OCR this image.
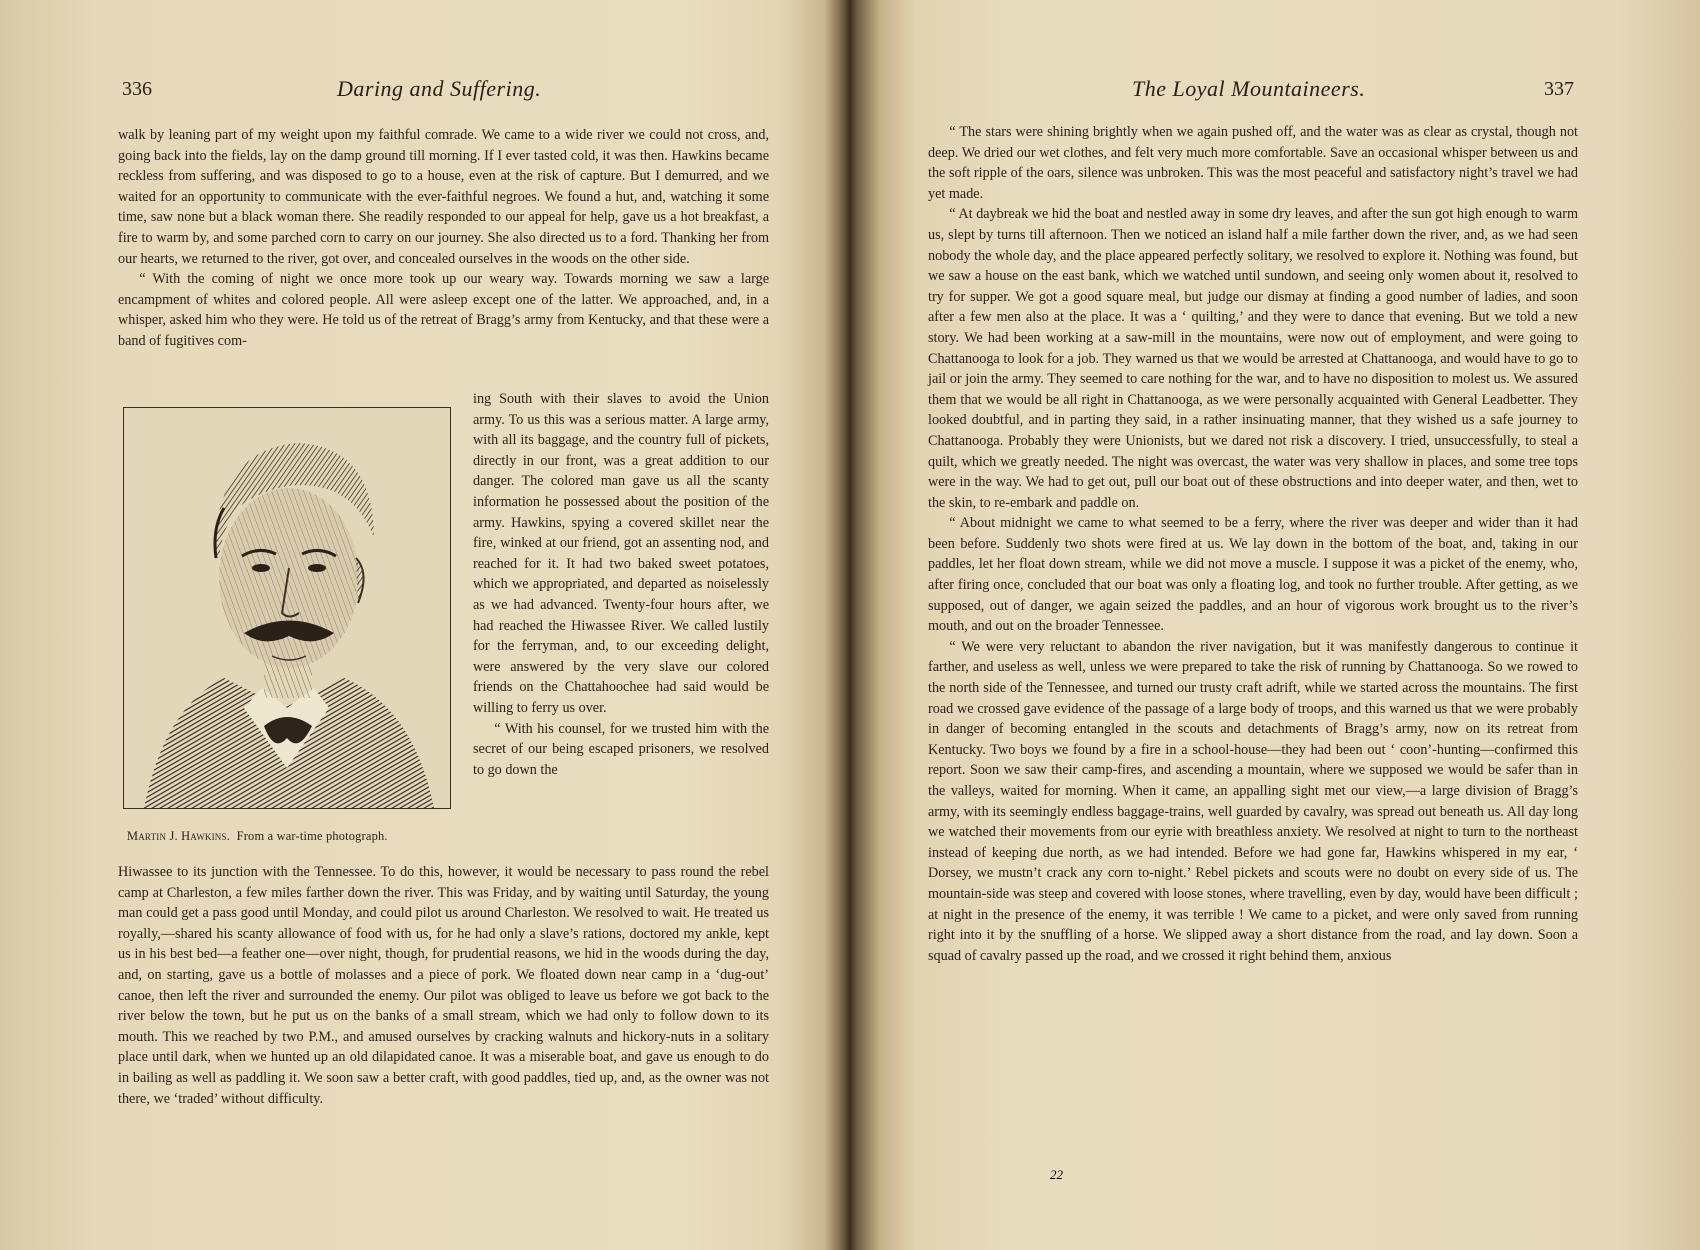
336	Daring and Suffering.

walk by leaning part of my weight upon my faithful comrade. We came to a wide river we could not cross, and, going back into the fields, lay on the damp ground till morning. If I ever tasted cold, it was then. Hawkins became reckless from suffering, and was disposed to go to a house, even at the risk of capture. But I demurred, and we waited for an opportunity to communicate with the ever-faithful negroes. We found a hut, and, watching it some time, saw none but a black woman there. She readily responded to our appeal for help, gave us a hot breakfast, a fire to warm by, and some parched corn to carry on our journey. She also directed us to a ford. Thanking her from our hearts, we returned to the river, got over, and concealed ourselves in the woods on the other side.

“ With the coming of night we once more took up our weary way. Towards morning we saw a large encampment of whites and colored people. All were asleep except one of the latter. We approached, and, in a whisper, asked him who they were. He told us of the retreat of Bragg’s army from Kentucky, and that these were a band of fugitives com-

Martin J. Hawkins. From a war-time photograph.

ing South with their slaves to avoid the Union army. To us this was a serious matter. A large army, with all its baggage, and the country full of pickets, directly in our front, was a great addition to our danger. The colored man gave us all the scanty information he possessed about the position of the army. Hawkins, spying a covered skillet near the fire, winked at our friend, got an assenting nod, and reached for it. It had two baked sweet potatoes, which we appropriated, and departed as noiselessly as we had advanced. Twenty-four hours after, we had reached the Hiwassee River. We called lustily for the ferryman, and, to our exceeding delight, were answered by the very slave our colored friends on the Chattahoochee had said would be willing to ferry us over.

“ With his counsel, for we trusted him with the secret of our being escaped prisoners, we resolved to go down the

Hiwassee to its junction with the Tennessee. To do this, however, it would be necessary to pass round the rebel camp at Charleston, a few miles farther down the river. This was Friday, and by waiting until Saturday, the young man could get a pass good until Monday, and could pilot us around Charleston. We resolved to wait. He treated us royally,—shared his scanty allowance of food with us, for he had only a slave’s rations, doctored my ankle, kept us in his best bed—a feather one—over night, though, for prudential reasons, we hid in the woods during the day, and, on starting, gave us a bottle of molasses and a piece of pork. We floated down near camp in a ‘dug-out’ canoe, then left the river and surrounded the enemy. Our pilot was obliged to leave us before we got back to the river below the town, but he put us on the banks of a small stream, which we had only to follow down to its mouth. This we reached by two P.M., and amused ourselves by cracking walnuts and hickory-nuts in a solitary place until dark, when we hunted up an old dilapidated canoe. It was a miserable boat, and gave us enough to do in bailing as well as paddling it. We soon saw a better craft, with good paddles, tied up, and, as the owner was not there, we ‘traded’ without difficulty.

The Loyal Mountaineers.	337

“ The stars were shining brightly when we again pushed off, and the water was as clear as crystal, though not deep. We dried our wet clothes, and felt very much more comfortable. Save an occasional whisper between us and the soft ripple of the oars, silence was unbroken. This was the most peaceful and satisfactory night’s travel we had yet made.

“ At daybreak we hid the boat and nestled away in some dry leaves, and after the sun got high enough to warm us, slept by turns till afternoon. Then we noticed an island half a mile farther down the river, and, as we had seen nobody the whole day, and the place appeared perfectly solitary, we resolved to explore it. Nothing was found, but we saw a house on the east bank, which we watched until sundown, and seeing only women about it, resolved to try for supper. We got a good square meal, but judge our dismay at finding a good number of ladies, and soon after a few men also at the place. It was a ‘ quilting,’ and they were to dance that evening. But we told a new story. We had been working at a saw-mill in the mountains, were now out of employment, and were going to Chattanooga to look for a job. They warned us that we would be arrested at Chattanooga, and would have to go to jail or join the army. They seemed to care nothing for the war, and to have no disposition to molest us. We assured them that we would be all right in Chattanooga, as we were personally acquainted with General Leadbetter. They looked doubtful, and in parting they said, in a rather insinuating manner, that they wished us a safe journey to Chattanooga. Probably they were Unionists, but we dared not risk a discovery. I tried, unsuccessfully, to steal a quilt, which we greatly needed. The night was overcast, the water was very shallow in places, and some tree tops were in the way. We had to get out, pull our boat out of these obstructions and into deeper water, and then, wet to the skin, to re-embark and paddle on.

“ About midnight we came to what seemed to be a ferry, where the river was deeper and wider than it had been before. Suddenly two shots were fired at us. We lay down in the bottom of the boat, and, taking in our paddles, let her float down stream, while we did not move a muscle. I suppose it was a picket of the enemy, who, after firing once, concluded that our boat was only a floating log, and took no further trouble. After getting, as we supposed, out of danger, we again seized the paddles, and an hour of vigorous work brought us to the river’s mouth, and out on the broader Tennessee.

“ We were very reluctant to abandon the river navigation, but it was manifestly dangerous to continue it farther, and useless as well, unless we were prepared to take the risk of running by Chattanooga. So we rowed to the north side of the Tennessee, and turned our trusty craft adrift, while we started across the mountains. The first road we crossed gave evidence of the passage of a large body of troops, and this warned us that we were probably in danger of becoming entangled in the scouts and detachments of Bragg’s army, now on its retreat from Kentucky. Two boys we found by a fire in a school-house—they had been out ‘ coon’-hunting—confirmed this report. Soon we saw their camp-fires, and ascending a mountain, where we supposed we would be safer than in the valleys, waited for morning. When it came, an appalling sight met our view,—a large division of Bragg’s army, with its seemingly endless baggage-trains, well guarded by cavalry, was spread out beneath us. All day long we watched their movements from our eyrie with breathless anxiety. We resolved at night to turn to the northeast instead of keeping due north, as we had intended. Before we had gone far, Hawkins whispered in my ear, ‘ Dorsey, we mustn’t crack any corn to-night.’ Rebel pickets and scouts were no doubt on every side of us. The mountain-side was steep and covered with loose stones, where travelling, even by day, would have been difficult ; at night in the presence of the enemy, it was terrible ! We came to a picket, and were only saved from running right into it by the snuffling of a horse. We slipped away a short distance from the road, and lay down. Soon a squad of cavalry passed up the road, and we crossed it right behind them, anxious

22
